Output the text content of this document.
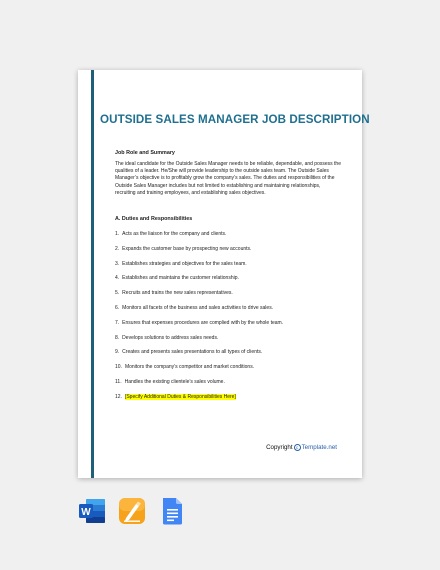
OUTSIDE SALES MANAGER JOB DESCRIPTION
Job Role and Summary
The ideal candidate for the Outside Sales Manager needs to be reliable, dependable, and possess the qualities of a leader. He/She will provide leadership to the outside sales team. The Outside Sales Manager’s objective is to profitably grow the company’s sales. The duties and responsibilities of the Outside Sales Manager includes but not limited to establishing and maintaining relationships, recruiting and training employees, and establishing sales objectives.
A. Duties and Responsibilities
1. Acts as the liaison for the company and clients.
2. Expands the customer base by prospecting new accounts.
3. Establishes strategies and objectives for the sales team.
4. Establishes and maintains the customer relationship.
5. Recruits and trains the new sales representatives.
6. Monitors all facets of the business and sales activities to drive sales.
7. Ensures that expenses procedures are complied with by the whole team.
8. Develops solutions to address sales needs.
9. Creates and presents sales presentations to all types of clients.
10. Monitors the company’s competitor and market conditions.
11. Handles the existing clientele’s sales volume.
12. [Specify Additional Duties & Responsibilities Here]
Copyright c Template.net
W
